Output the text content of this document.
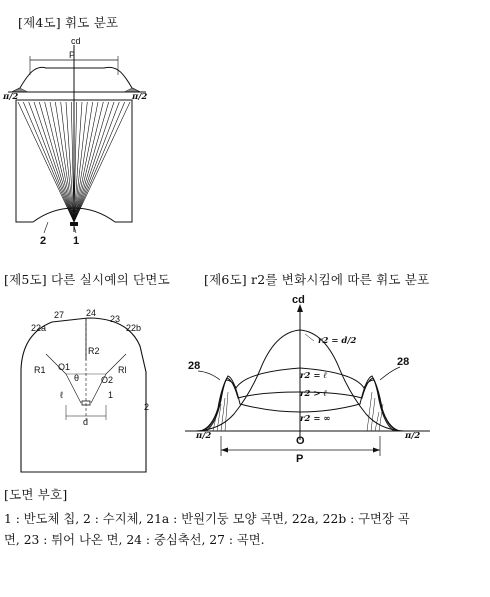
[제4도] 휘도 분포
cd
P
π/2	π/2
2 1
[제5도] 다른 실시예의 단면도
22a
27 24
23
22b
R2
R1	Rl
O1
O2
θ
ℓ	1
d
2
[제6도] r2를 변화시킴에 따른 휘도 분포
cd
π/2	π/2
O
P
28	28
r2 = d/2
r2 = ℓ
r2 > ℓ
r2 = ∞
[도면 부호]
1 : 반도체 칩, 2 : 수지체, 21a : 반원기둥 모양 곡면, 22a, 22b : 구면장 곡
면, 23 : 튀어 나온 면, 24 : 중심축선, 27 : 곡면.
